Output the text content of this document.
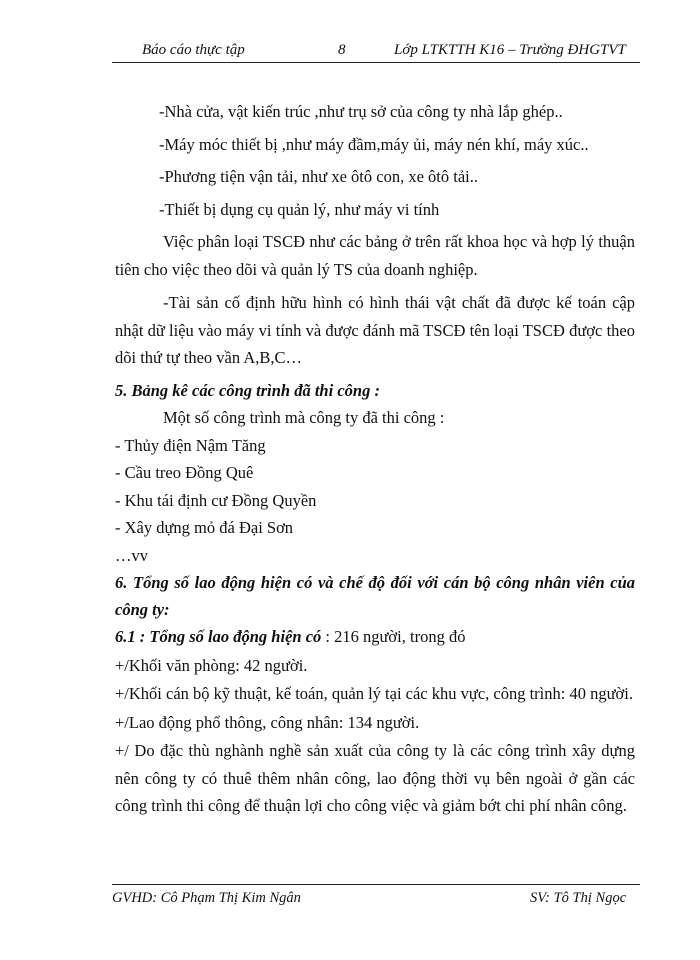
Báo cáo thực tập	8	Lớp LTKTTH K16 – Trường ĐHGTVT

-Nhà cửa, vật kiến trúc ,như trụ sở của công ty nhà lắp ghép..

-Máy móc thiết bị ,như máy đầm,máy ủi, máy nén khí, máy xúc..

-Phương tiện vận tải, như xe ôtô con, xe ôtô tải..

-Thiết bị dụng cụ quản lý, như máy vi tính

Việc phân loại TSCĐ như các bảng ở trên rất khoa học và hợp lý thuận tiên cho việc theo dõi và quản lý TS của doanh nghiệp.

-Tài sản cố định hữu hình có hình thái vật chất đã được kế toán cập nhật dữ liệu vào máy vi tính và được đánh mã TSCĐ tên loại TSCĐ được theo dõi thứ tự theo vần A,B,C…

5. Bảng kê các công trình đã thi công :

Một số công trình mà công ty đã thi công :

- Thủy điện Nậm Tăng

- Cầu treo Đồng Quê

- Khu tái định cư Đồng Quyền

- Xây dựng mỏ đá Đại Sơn

…vv

6. Tổng số lao động hiện có và chế độ đối với cán bộ công nhân viên của công ty:

6.1 : Tổng số lao động hiện có : 216 người, trong đó

+/Khối văn phòng: 42 người.

+/Khối cán bộ kỹ thuật, kế toán, quản lý tại các khu vực, công trình: 40 người.

+/Lao động phổ thông, công nhân: 134 người.

+/ Do đặc thù nghành nghề sản xuất của công ty là các công trình xây dựng nên công ty có thuê thêm nhân công, lao động thời vụ bên ngoài ở gần các công trình thi công để thuận lợi cho công việc và giảm bớt chi phí nhân công.

GVHD: Cô Phạm Thị Kim Ngân	SV: Tô Thị Ngọc
